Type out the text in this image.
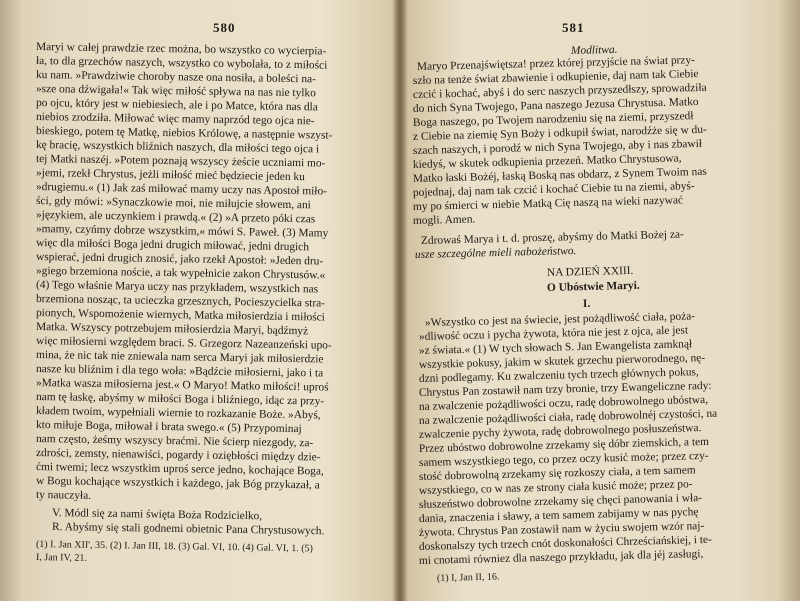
580
Maryi w całej prawdzie rzec można, bo wszystko co wycierpia-
ła, to dla grzechów naszych, wszystko co wybolała, to z miłości
ku nam. »Prawdziwie choroby nasze ona nosiła, a boleści na-
»sze ona dźwigała!« Tak więc miłość spływa na nas nie tylko
po ojcu, który jest w niebiesiech, ale i po Matce, która nas dla
niebios zrodziła. Miłować więc mamy naprzód tego ojca nie-
bieskiego, potem tę Matkę, niebios Królowę, a następnie wszyst-
kę bracię, wszystkich bliźnich naszych, dla miłości tego ojca i
tej Matki naszéj. »Potem poznają wszyscy żeście uczniami mo-
»jemi, rzekł Chrystus, jeżli miłość mieć będziecie jeden ku
»drugiemu.« (1) Jak zaś miłować mamy uczy nas Apostoł miło-
ści, gdy mówi: »Synaczkowie moi, nie miłujcie słowem, ani
»językiem, ale uczynkiem i prawdą.« (2) »A przeto póki czas
»mamy, czyńmy dobrze wszystkim,« mówi S. Paweł. (3) Mamy
więc dla miłości Boga jedni drugich miłować, jedni drugich
wspierać, jedni drugich znosić, jako rzekł Apostoł: »Jeden dru-
»giego brzemiona noście, a tak wypełnicie zakon Chrystusów.«
(4) Tego właśnie Marya uczy nas przykładem, wszystkich nas
brzemiona nosząc, ta ucieczka grzesznych, Pocieszycielka stra-
pionych, Wspomożenie wiernych, Matka miłosierdzia i miłości
Matka. Wszyscy potrzebujem miłosierdzia Maryi, bądźmyż
więc miłosierni względem braci. S. Grzegorz Nazeanzeński upo-
mina, że nic tak nie zniewala nam serca Maryi jak miłosierdzie
nasze ku bliźnim i dla tego woła: »Bądźcie miłosierni, jako i ta
»Matka wasza miłosierna jest.« O Maryo! Matko miłości! uproś
nam tę łaskę, abyśmy w miłości Boga i bliźniego, idąc za przy-
kładem twoim, wypełniali wiernie to rozkazanie Boże. »Abyś,
kto miłuje Boga, miłował i brata swego.« (5) Przypominaj
nam często, żeśmy wszyscy braćmi. Nie ścierp niezgody, za-
zdrości, zemsty, nienawiści, pogardy i oziębłości między dzie-
ćmi twemi; lecz wszystkim uproś serce jedno, kochające Boga,
w Bogu kochające wszystkich i każdego, jak Bóg przykazał, a
ty nauczyła.
V. Módl się za nami święta Boża Rodzicielko,
R. Abyśmy się stali godnemi obietnic Pana Chrystusowych.
(1) I. Jan XII', 35. (2) I. Jan III, 18. (3) Gal. VI, 10. (4) Gal. VI, 1. (5)
I, Jan IV, 21.
581
Modlitwa.
Maryo Przenajświętsza! przez której przyjście na świat przy-
szło na tenże świat zbawienie i odkupienie, daj nam tak Ciebie
czcić i kochać, abyś i do serc naszych przyszedłszy, sprowadziła
do nich Syna Twojego, Pana naszego Jezusa Chrystusa. Matko
Boga naszego, po Twojem narodzeniu się na ziemi, przyszedł
z Ciebie na ziemię Syn Boży i odkupił świat, narodźże się w du-
szach naszych, i porodź w nich Syna Twojego, aby i nas zbawił
kiedyś, w skutek odkupienia przezeń. Matko Chrystusowa,
Matko łaski Bożéj, łaską Boską nas obdarz, z Synem Twoim nas
pojednaj, daj nam tak czcić i kochać Ciebie tu na ziemi, abyś-
my po śmierci w niebie Matką Cię naszą na wieki nazywać
mogli. Amen.
Zdrowaś Marya i t. d. proszę, abyśmy do Matki Bożej za-
usze szczególne mieli nabożeństwo.
NA DZIEŃ XXIII.
O Ubóstwie Maryi.
I.
»Wszystko co jest na świecie, jest pożądliwość ciała, poża-
»dliwość oczu i pycha żywota, która nie jest z ojca, ale jest
»z świata.« (1) W tych słowach S. Jan Ewangelista zamknął
wszystkie pokusy, jakim w skutek grzechu pierworodnego, nę-
dzni podlegamy. Ku zwalczeniu tych trzech głównych pokus,
Chrystus Pan zostawił nam trzy bronie, trzy Ewangeliczne rady:
na zwalczenie pożądliwości oczu, radę dobrowolnego ubóstwa,
na zwalczenie pożądliwości ciała, radę dobrowolnéj czystości, na
zwalczenie pychy żywota, radę dobrowolnego posłuszeństwa.
Przez ubóstwo dobrowolne zrzekamy się dóbr ziemskich, a tem
samem wszystkiego tego, co przez oczy kusić może; przez czy-
stość dobrowolną zrzekamy się rozkoszy ciała, a tem samem
wszystkiego, co w nas ze strony ciała kusić może; przez po-
słuszeństwo dobrowolne zrzekamy się chęci panowania i wła-
dania, znaczenia i sławy, a tem samem zabijamy w nas pychę
żywota. Chrystus Pan zostawił nam w życiu swojem wzór naj-
doskonalszy tych trzech cnót doskonałości Chrześciańskiej, i te-
mi cnotami równiez dla naszego przykładu, jak dla jéj zasługi,
(1) I, Jan II, 16.
